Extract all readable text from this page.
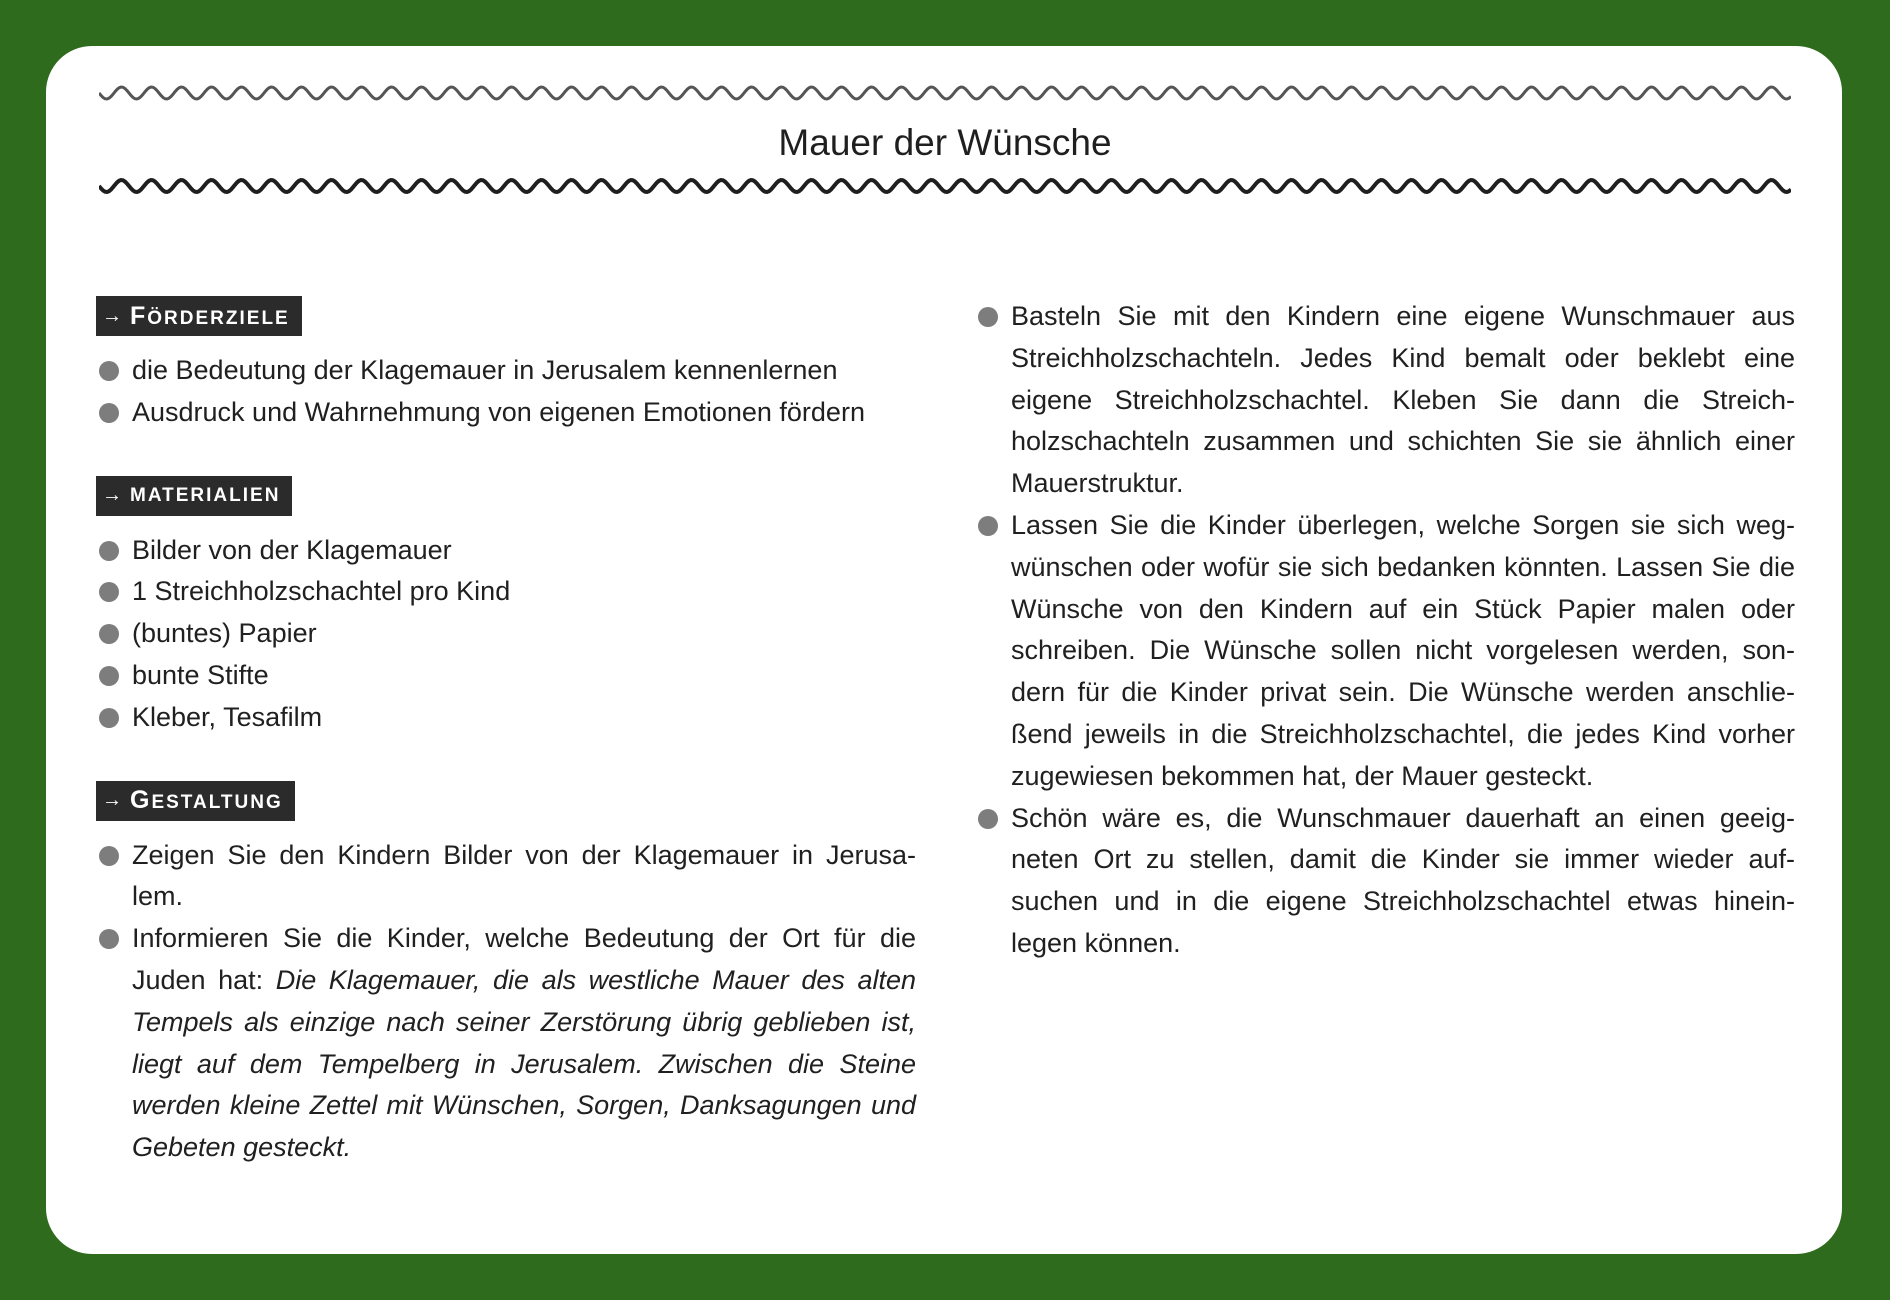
Mauer der Wünsche
→ FÖRDERZIELE
die Bedeutung der Klagemauer in Jerusalem kennenlernen
Ausdruck und Wahrnehmung von eigenen Emotionen fördern
→ MATERIALIEN
Bilder von der Klagemauer
1 Streichholzschachtel pro Kind
(buntes) Papier
bunte Stifte
Kleber, Tesafilm
→ GESTALTUNG
Zeigen Sie den Kindern Bilder von der Klagemauer in Jerusa-lem.
Informieren Sie die Kinder, welche Bedeutung der Ort für die Juden hat: Die Klagemauer, die als westliche Mauer des alten Tempels als einzige nach seiner Zerstörung übrig geblieben ist, liegt auf dem Tempelberg in Jerusalem. Zwischen die Steine werden kleine Zettel mit Wünschen, Sorgen, Danksagungen und Gebeten gesteckt.
Basteln Sie mit den Kindern eine eigene Wunschmauer aus Streichholzschachteln. Jedes Kind bemalt oder beklebt eine eigene Streichholzschachtel. Kleben Sie dann die Streich-holzschachteln zusammen und schichten Sie sie ähnlich einer Mauerstruktur.
Lassen Sie die Kinder überlegen, welche Sorgen sie sich weg-wünschen oder wofür sie sich bedanken könnten. Lassen Sie die Wünsche von den Kindern auf ein Stück Papier malen oder schreiben. Die Wünsche sollen nicht vorgelesen werden, son-dern für die Kinder privat sein. Die Wünsche werden anschlie-ßend jeweils in die Streichholzschachtel, die jedes Kind vorher zugewiesen bekommen hat, der Mauer gesteckt.
Schön wäre es, die Wunschmauer dauerhaft an einen geeig-neten Ort zu stellen, damit die Kinder sie immer wieder auf-suchen und in die eigene Streichholzschachtel etwas hinein-legen können.
